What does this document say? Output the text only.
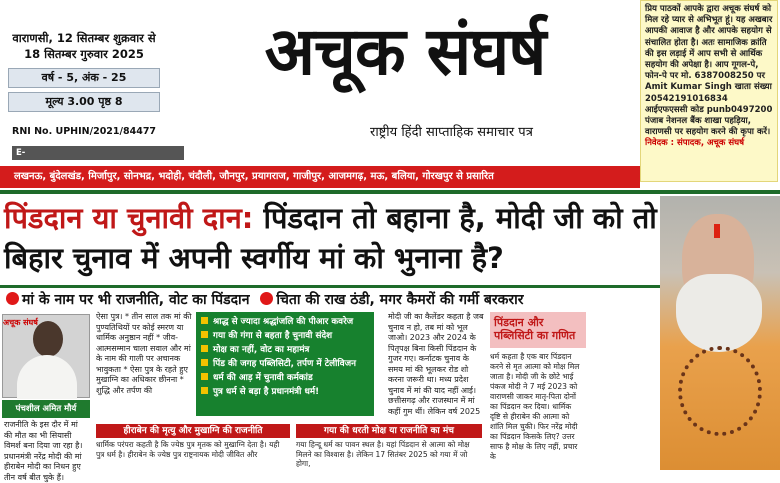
वाराणसी, 12 सितम्बर शुक्रवार से 18 सितम्बर गुरुवार 2025
वर्ष - 5, अंक - 25
मूल्य 3.00 पृष्ठ 8
अचूक संघर्ष
राष्ट्रीय हिंदी साप्ताहिक समाचार पत्र
RNI No. UPHIN/2021/84477
E-
प्रिय पाठकों आपके द्वारा अचूक संघर्ष को मिल रहे प्यार से अभिभूत हूं। यह अखबार आपकी आवाज है और आपके सहयोग से संचालित होता है। अतः सामाजिक क्रांति की इस लड़ाई में आप सभी से आर्थिक सहयोग की अपेक्षा है। आप गूगल-पे, फोन-पे पर मो. 6387008250 पर Amit Kumar Singh खाता संख्या 20542191016834 आईएफएससी कोड punb0497200 पंजाब नेशनल बैंक शाखा पहड़िया, वाराणसी पर सहयोग करने की कृपा करें।
निवेदक : संपादक, अचूक संघर्ष
लखनऊ, बुंदेलखंड, मिर्जापुर, सोनभद्र, भदोही, चंदौली, जौनपुर, प्रयागराज, गाजीपुर, आजमगढ़, मऊ, बलिया, गोरखपुर से प्रसारित
पिंडदान या चुनावी दान: पिंडदान तो बहाना है, मोदी जी को तो बिहार चुनाव में अपनी स्वर्गीय मां को भुनाना है?
मां के नाम पर भी राजनीति, वोट का पिंडदान चिता की राख ठंडी, मगर कैमरों की गर्मी बरकरार
अचूक संघर्ष
पंचशील अमित मौर्य
राजनीति के इस दौर में मां की मौत का भी सियासी विमर्श बना दिया जा रहा है। प्रधानमंत्री नरेंद्र मोदी की मां हीराबेन मोदी का निधन हुए तीन वर्ष बीत चुके हैं।
ऐसा पुत्र। * तीन साल तक मां की पुण्यतिथियों पर कोई स्मरण या धार्मिक अनुष्ठान नहीं * जीव-आत्मसम्मान चाला सवाल और मां के नाम की गाली पर अचानक भावुकता * ऐसा पुत्र के रहते हुए मुखाग्नि का अधिकार छीनना * शुद्धि और तर्पण की
श्राद्ध से ज्यादा श्रद्धांजलि की पीआर कवरेज
गया की गंगा से बहता है चुनावी संदेश
मोक्ष का नहीं, वोट का महामंत्र
पिंड की जगह पब्लिसिटी, तर्पण में टेलीविजन
धर्म की आड़ में चुनावी कर्मकांड
पुत्र धर्म से बड़ा है प्रधानमंत्री धर्म!
मोदी जी का कैलेंडर कहता है जब चुनाव न हो, तब मां को भूल जाओ। 2023 और 2024 के पितृपक्ष बिना किसी पिंडदान के गुजर गए। कर्नाटक चुनाव के समय मां की भूलकर रोड शो करना जरूरी था। मध्य प्रदेश चुनाव में मां की याद नहीं आई। छत्तीसगढ़ और राजस्थान में मां कहीं गुम थीं। लेकिन वर्ष 2025
पिंडदान और पब्लिसिटी का गणित
धर्म कहता है एक बार पिंडदान करने से मृत आत्मा को मोक्ष मिल जाता है। मोदी जी के छोटे भाई पंकज मोदी ने 7 मई 2023 को वाराणसी जाकर मातृ-पिता दोनों का पिंडदान कर दिया। धार्मिक दृष्टि से हीराबेन की आत्मा को शांति मिल चुकी। फिर नरेंद्र मोदी का पिंडदान किसके लिए? उत्तर साफ है मोक्ष के लिए नहीं, प्रचार के
हीराबेन की मृत्यु और मुखाग्नि की राजनीति	गया की धरती मोक्ष या राजनीति का मंच
धार्मिक परंपरा कहती है कि ज्येष्ठ पुत्र मृतक को मुखाग्नि देता है। यही पुत्र धर्म है। हीराबेन के ज्येष्ठ पुत्र राष्ट्रनायक मोदी जीवित और
गया हिन्दू धर्म का पावन स्थल है। यहां पिंडदान से आत्मा को मोक्ष मिलने का विश्वास है। लेकिन 17 सितंबर 2025 को गया में जो होगा,
